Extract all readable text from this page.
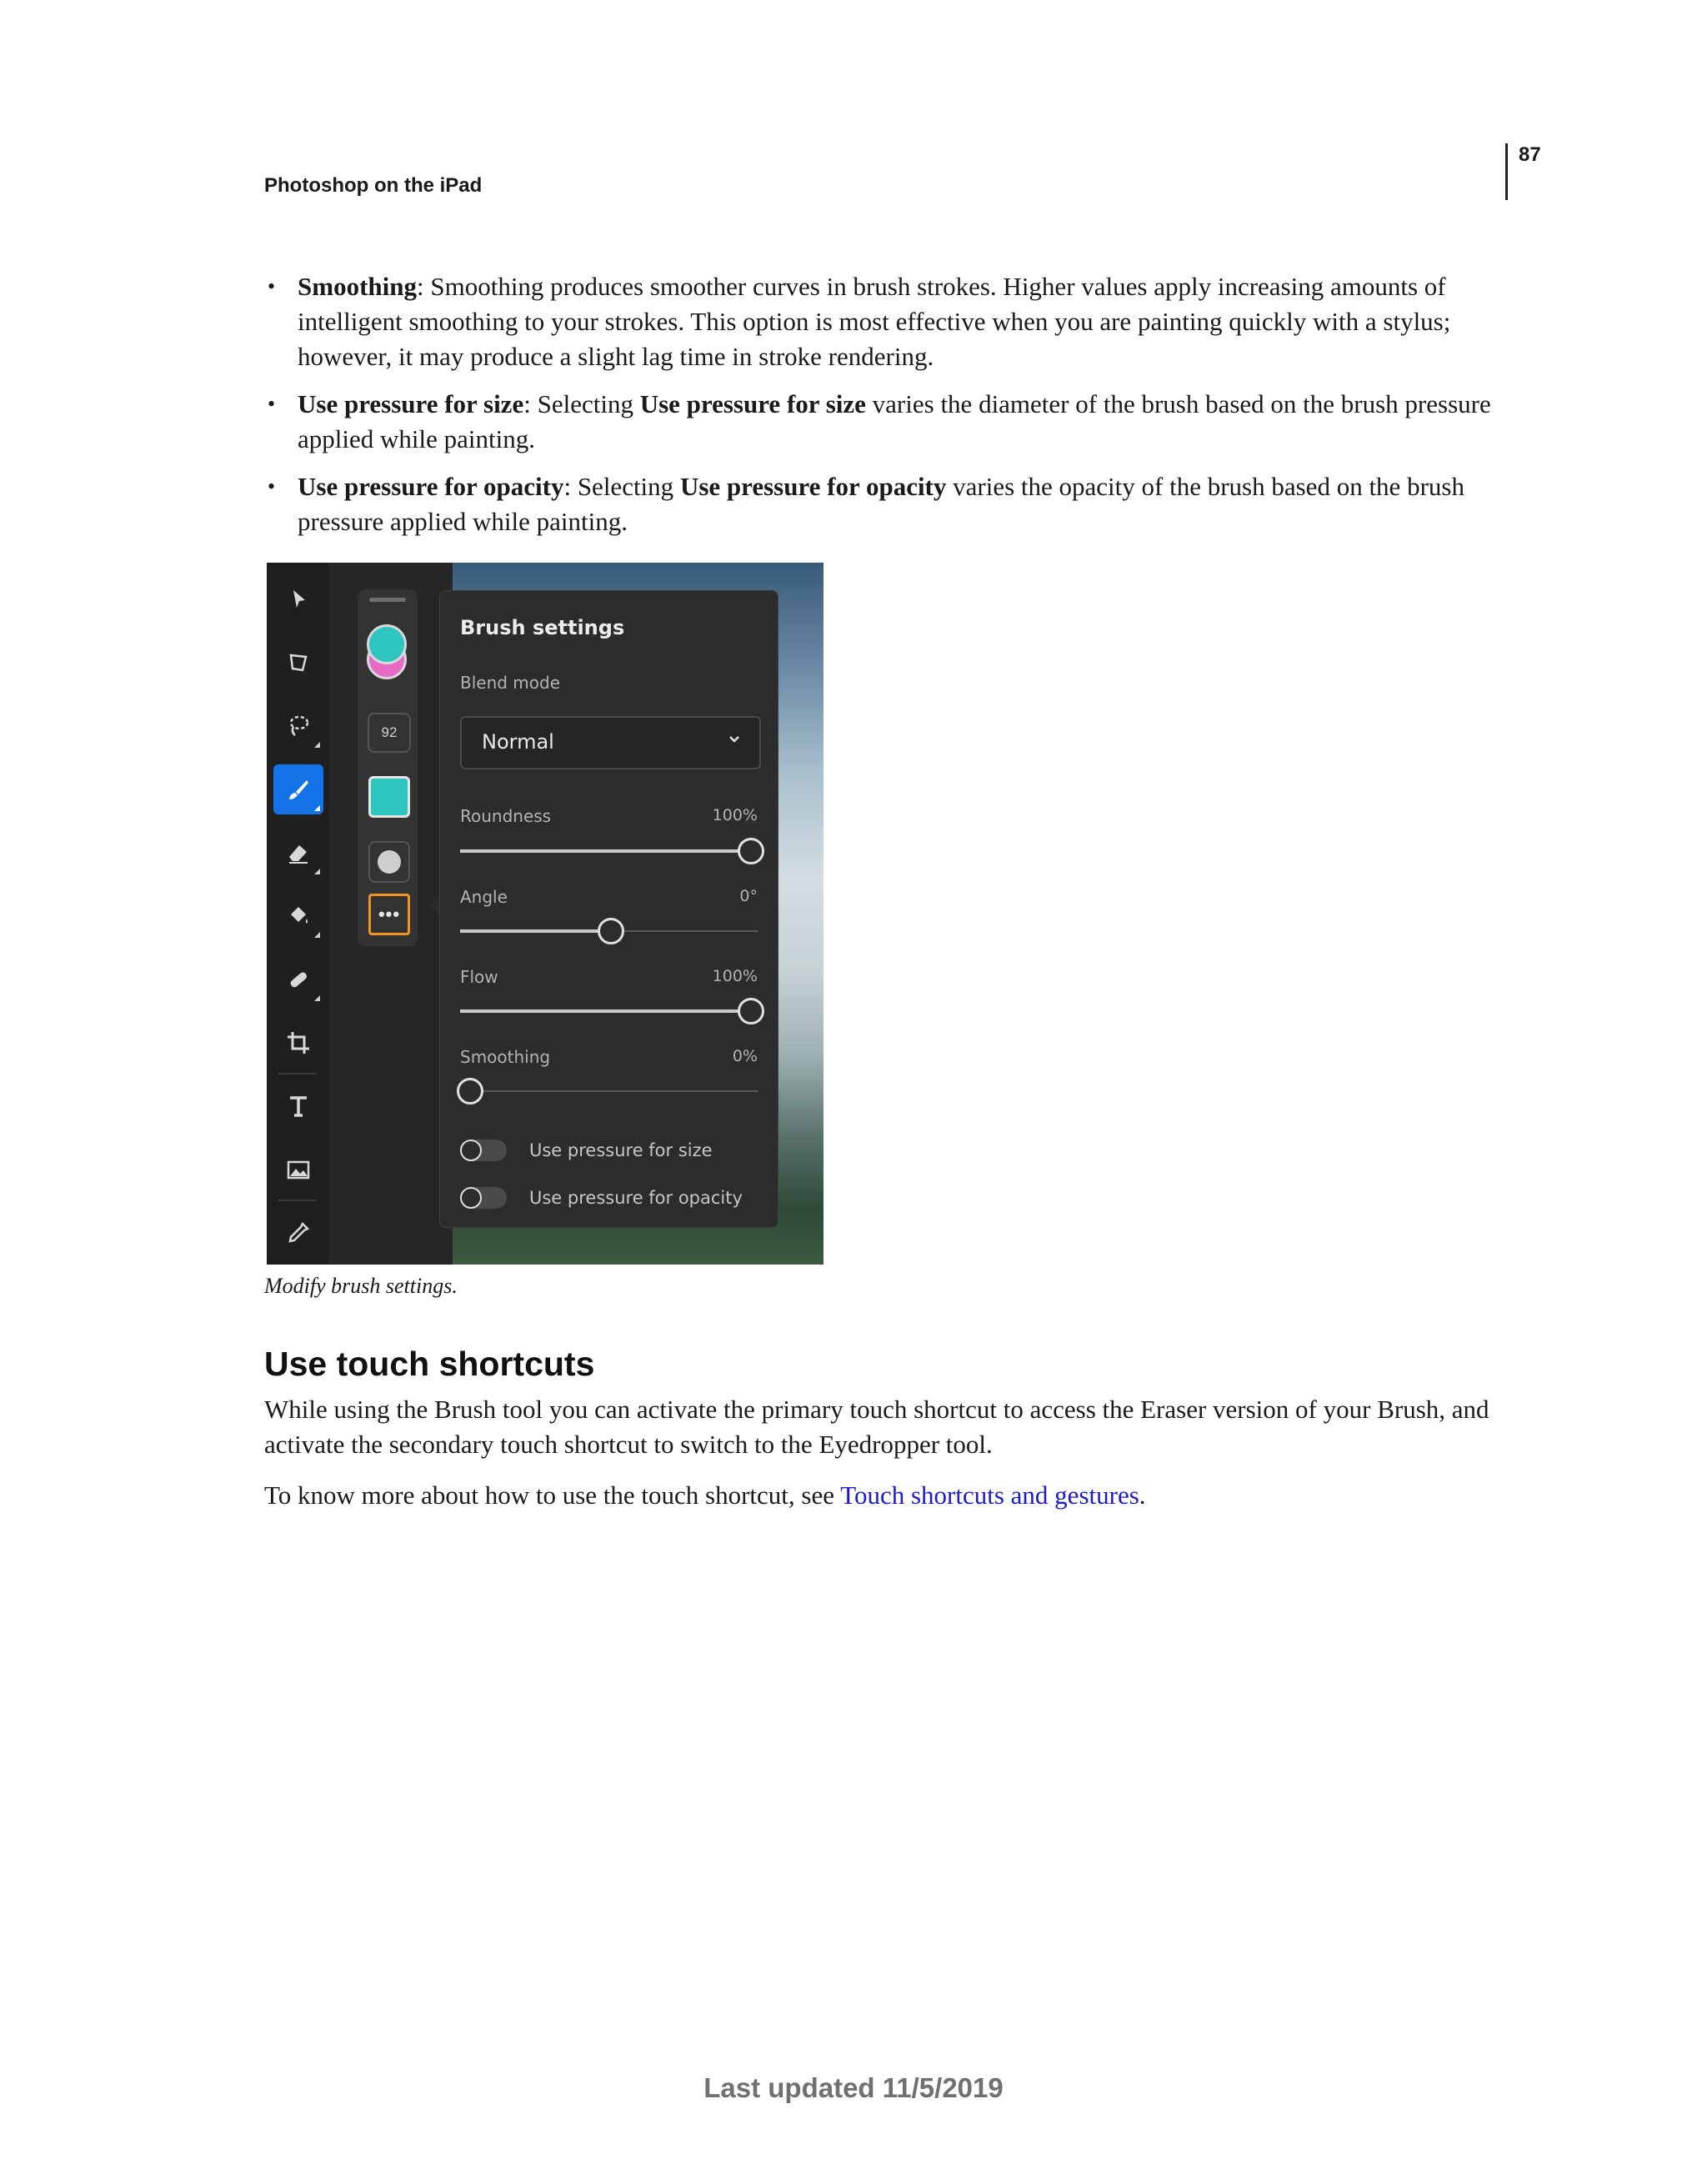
87
Photoshop on the iPad
• Smoothing: Smoothing produces smoother curves in brush strokes. Higher values apply increasing amounts of intelligent smoothing to your strokes. This option is most effective when you are painting quickly with a stylus; however, it may produce a slight lag time in stroke rendering.
• Use pressure for size: Selecting Use pressure for size varies the diameter of the brush based on the brush pressure applied while painting.
• Use pressure for opacity: Selecting Use pressure for opacity varies the opacity of the brush based on the brush pressure applied while painting.
92
•••
Brush settings
Blend mode
Normal
Roundness	100%
Angle	0°
Flow	100%
Smoothing	0%
Use pressure for size
Use pressure for opacity
Modify brush settings.
Use touch shortcuts
While using the Brush tool you can activate the primary touch shortcut to access the Eraser version of your Brush, and activate the secondary touch shortcut to switch to the Eyedropper tool.
To know more about how to use the touch shortcut, see Touch shortcuts and gestures.
Last updated 11/5/2019
